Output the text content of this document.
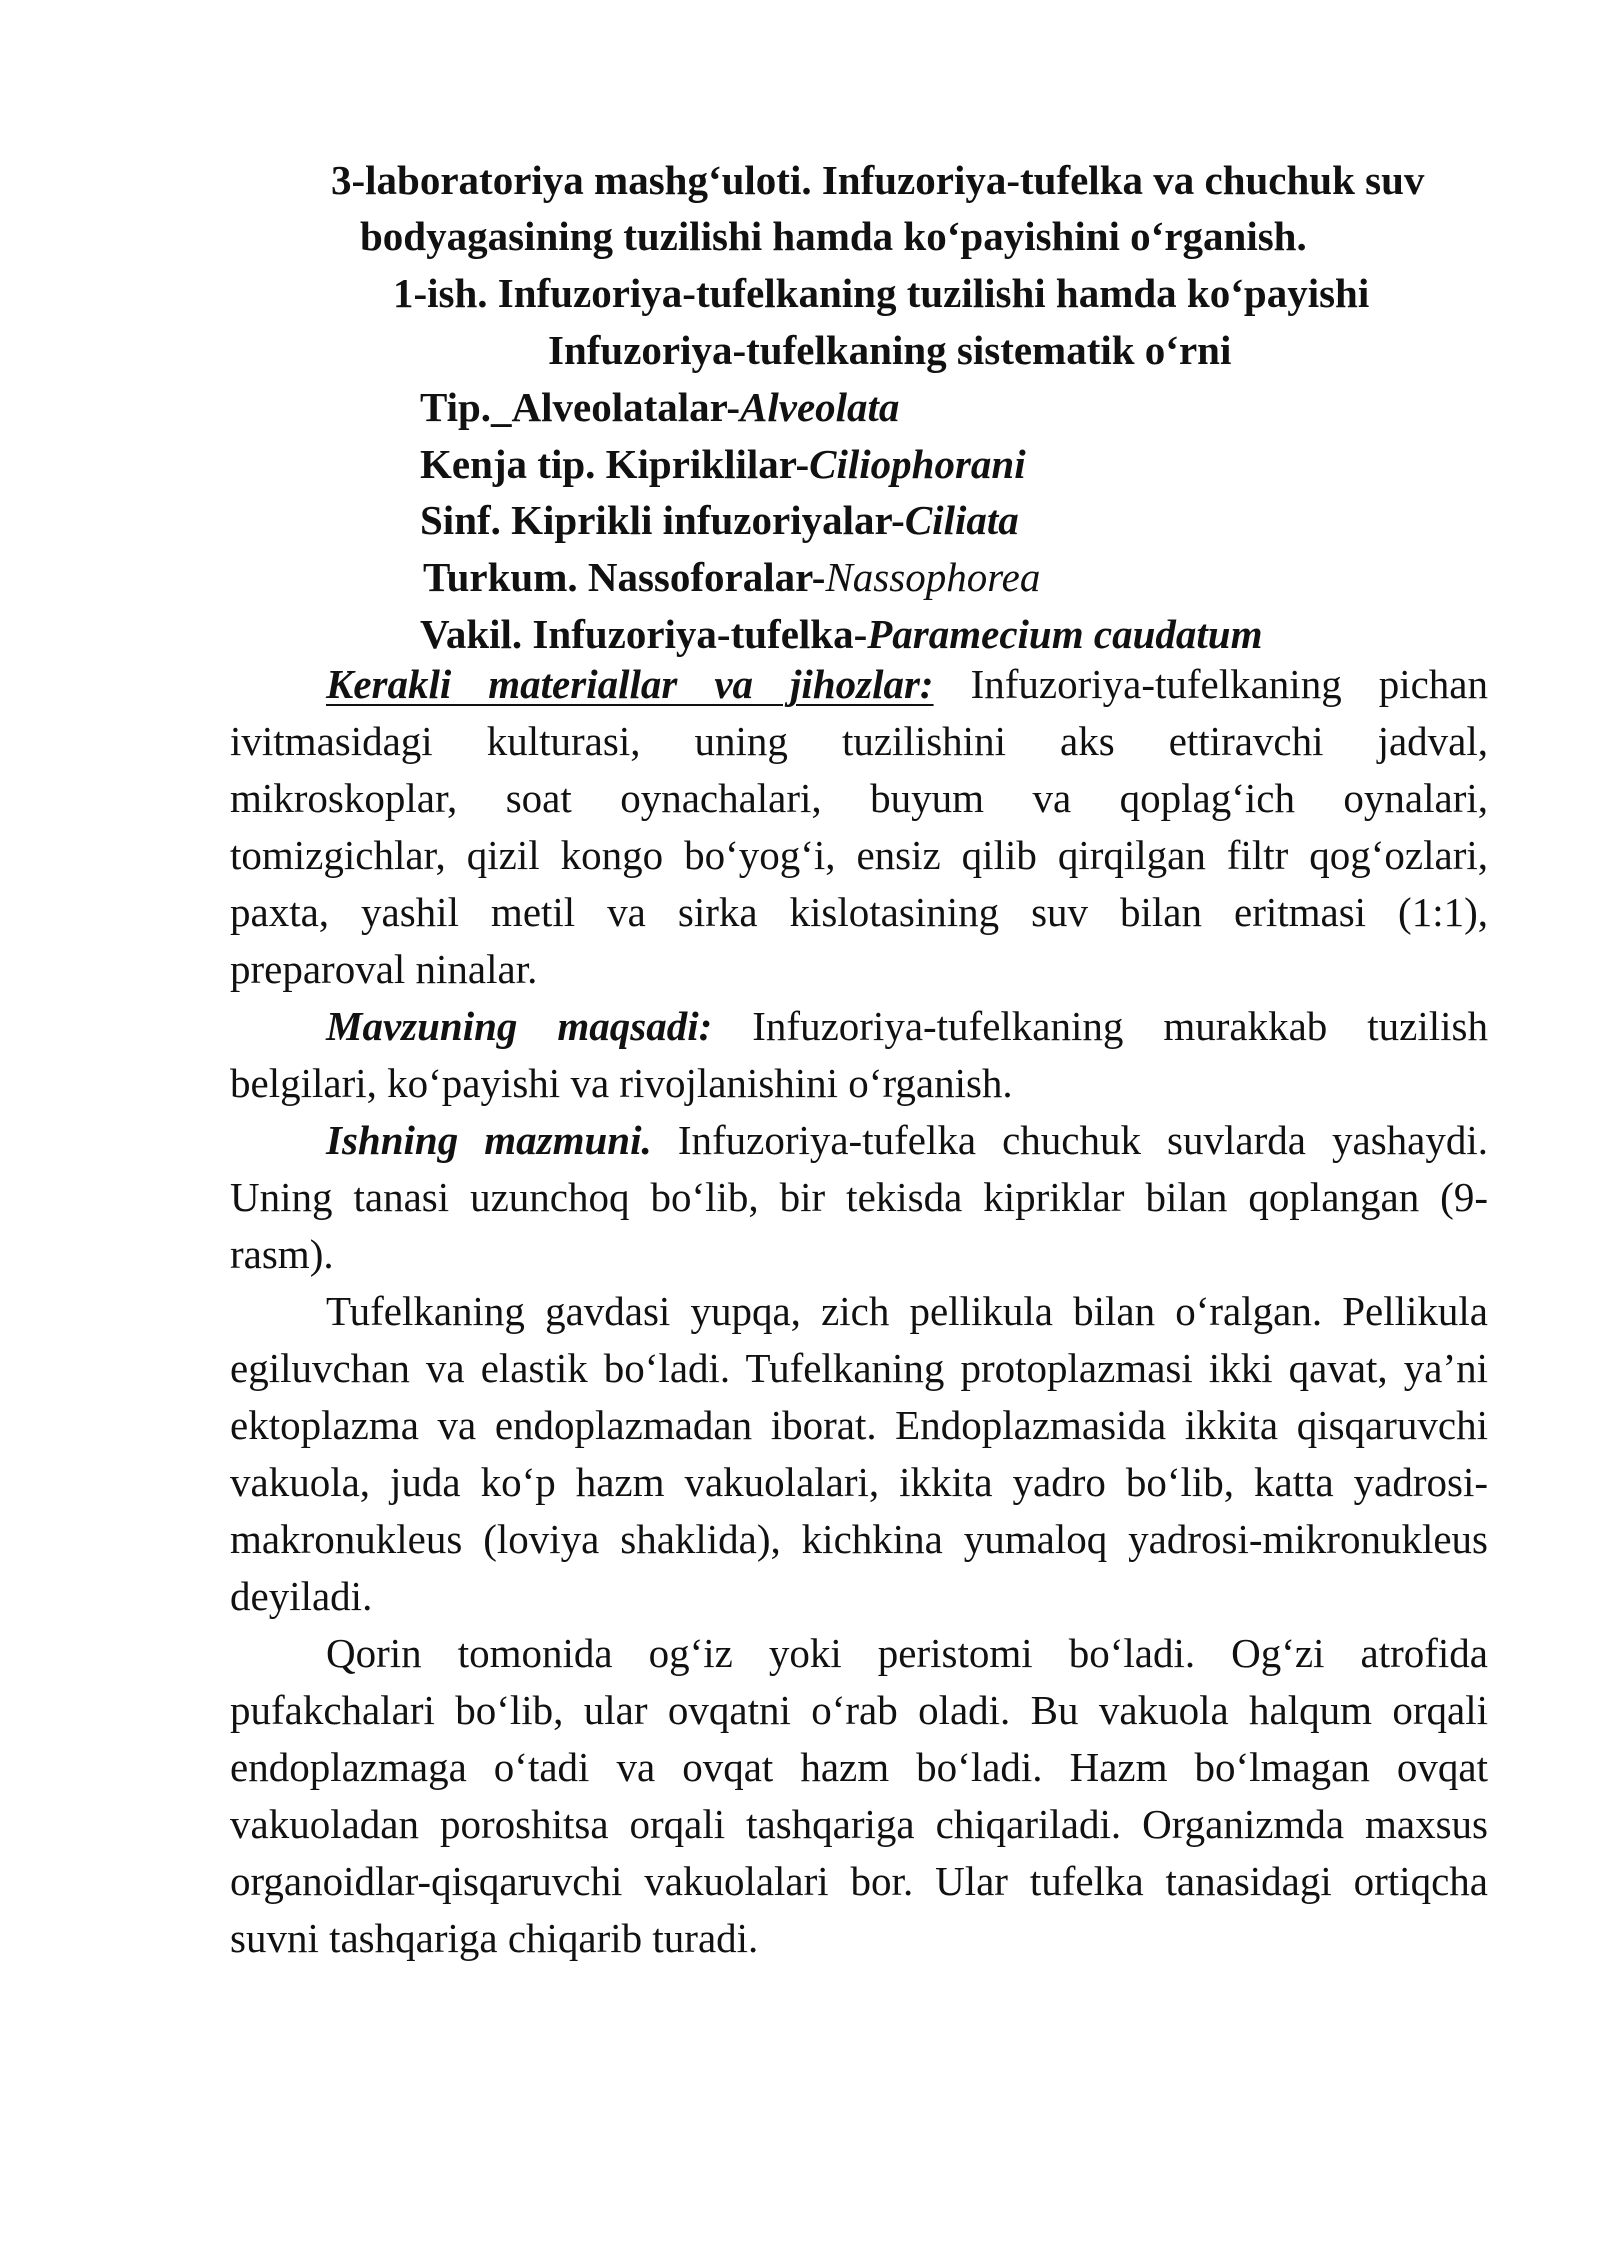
3-laboratoriya mashg‘uloti. Infuzoriya-tufelka va chuchuk suv
bodyagasining tuzilishi hamda ko‘payishini o‘rganish.
1-ish. Infuzoriya-tufelkaning tuzilishi hamda ko‘payishi
Infuzoriya-tufelkaning sistematik o‘rni
Tip._Alveolatalar-Alveolata
Kenja tip. Kipriklilar-Ciliophorani
Sinf. Kiprikli infuzoriyalar-Ciliata
Turkum. Nassoforalar-Nassophorea
Vakil. Infuzoriya-tufelka-Paramecium caudatum
Kerakli materiallar va jihozlar: Infuzoriya-tufelkaning pichan
ivitmasidagi kulturasi, uning tuzilishini aks ettiravchi jadval,
mikroskoplar, soat oynachalari, buyum va qoplag‘ich oynalari,
tomizgichlar, qizil kongo bo‘yog‘i, ensiz qilib qirqilgan filtr qog‘ozlari,
paxta, yashil metil va sirka kislotasining suv bilan eritmasi (1:1),
preparoval ninalar.
Mavzuning maqsadi: Infuzoriya-tufelkaning murakkab tuzilish
belgilari, ko‘payishi va rivojlanishini o‘rganish.
Ishning mazmuni. Infuzoriya-tufelka chuchuk suvlarda yashaydi.
Uning tanasi uzunchoq bo‘lib, bir tekisda kipriklar bilan qoplangan (9-
rasm).
Tufelkaning gavdasi yupqa, zich pellikula bilan o‘ralgan. Pellikula
egiluvchan va elastik bo‘ladi. Tufelkaning protoplazmasi ikki qavat, ya’ni
ektoplazma va endoplazmadan iborat. Endoplazmasida ikkita qisqaruvchi
vakuola, juda ko‘p hazm vakuolalari, ikkita yadro bo‘lib, katta yadrosi-
makronukleus (loviya shaklida), kichkina yumaloq yadrosi-mikronukleus
deyiladi.
Qorin tomonida og‘iz yoki peristomi bo‘ladi. Og‘zi atrofida
pufakchalari bo‘lib, ular ovqatni o‘rab oladi. Bu vakuola halqum orqali
endoplazmaga o‘tadi va ovqat hazm bo‘ladi. Hazm bo‘lmagan ovqat
vakuoladan poroshitsa orqali tashqariga chiqariladi. Organizmda maxsus
organoidlar-qisqaruvchi vakuolalari bor. Ular tufelka tanasidagi ortiqcha
suvni tashqariga chiqarib turadi.
